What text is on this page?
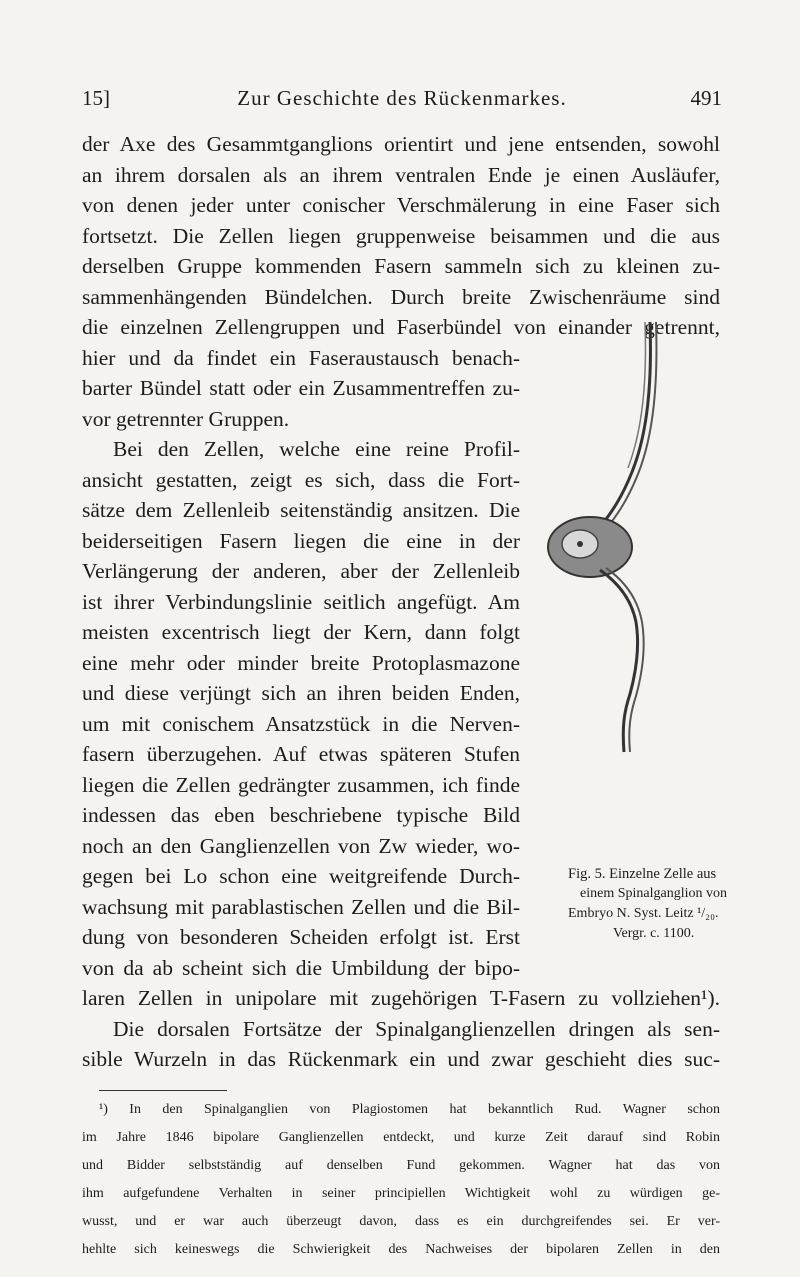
15]	Zur Geschichte des Rückenmarkes.	491
der Axe des Gesammtganglions orientirt und jene entsenden, sowohl
an ihrem dorsalen als an ihrem ventralen Ende je einen Ausläufer,
von denen jeder unter conischer Verschmälerung in eine Faser sich
fortsetzt. Die Zellen liegen gruppenweise beisammen und die aus
derselben Gruppe kommenden Fasern sammeln sich zu kleinen zu-
sammenhängenden Bündelchen. Durch breite Zwischenräume sind
die einzelnen Zellengruppen und Faserbündel von einander getrennt,
hier und da findet ein Faseraustausch benach-
barter Bündel statt oder ein Zusammentreffen zu-
vor getrennter Gruppen.
Bei den Zellen, welche eine reine Profil-
ansicht gestatten, zeigt es sich, dass die Fort-
sätze dem Zellenleib seitenständig ansitzen. Die
beiderseitigen Fasern liegen die eine in der
Verlängerung der anderen, aber der Zellenleib
ist ihrer Verbindungslinie seitlich angefügt. Am
meisten excentrisch liegt der Kern, dann folgt
eine mehr oder minder breite Protoplasmazone
und diese verjüngt sich an ihren beiden Enden,
um mit conischem Ansatzstück in die Nerven-
fasern überzugehen. Auf etwas späteren Stufen
liegen die Zellen gedrängter zusammen, ich finde
indessen das eben beschriebene typische Bild
noch an den Ganglienzellen von Zw wieder, wo-
gegen bei Lo schon eine weitgreifende Durch-
wachsung mit parablastischen Zellen und die Bil-
dung von besonderen Scheiden erfolgt ist. Erst
von da ab scheint sich die Umbildung der bipo-
Fig. 5. Einzelne Zelle aus
einem Spinalganglion von
Embryo N. Syst. Leitz ¹/₂₀.
Vergr. c. 1100.
¹) In den Spinalganglien von Plagiostomen hat bekanntlich Rud. Wagner schon
im Jahre 1846 bipolare Ganglienzellen entdeckt, und kurze Zeit darauf sind Robin
und Bidder selbstständig auf denselben Fund gekommen. Wagner hat das von
ihm aufgefundene Verhalten in seiner principiellen Wichtigkeit wohl zu würdigen ge-
wusst, und er war auch überzeugt davon, dass es ein durchgreifendes sei. Er ver-
hehlte sich keineswegs die Schwierigkeit des Nachweises der bipolaren Zellen in den
laren Zellen in unipolare mit zugehörigen T-Fasern zu vollziehen¹).
Die dorsalen Fortsätze der Spinalganglienzellen dringen als sen-
sible Wurzeln in das Rückenmark ein und zwar geschieht dies suc-
